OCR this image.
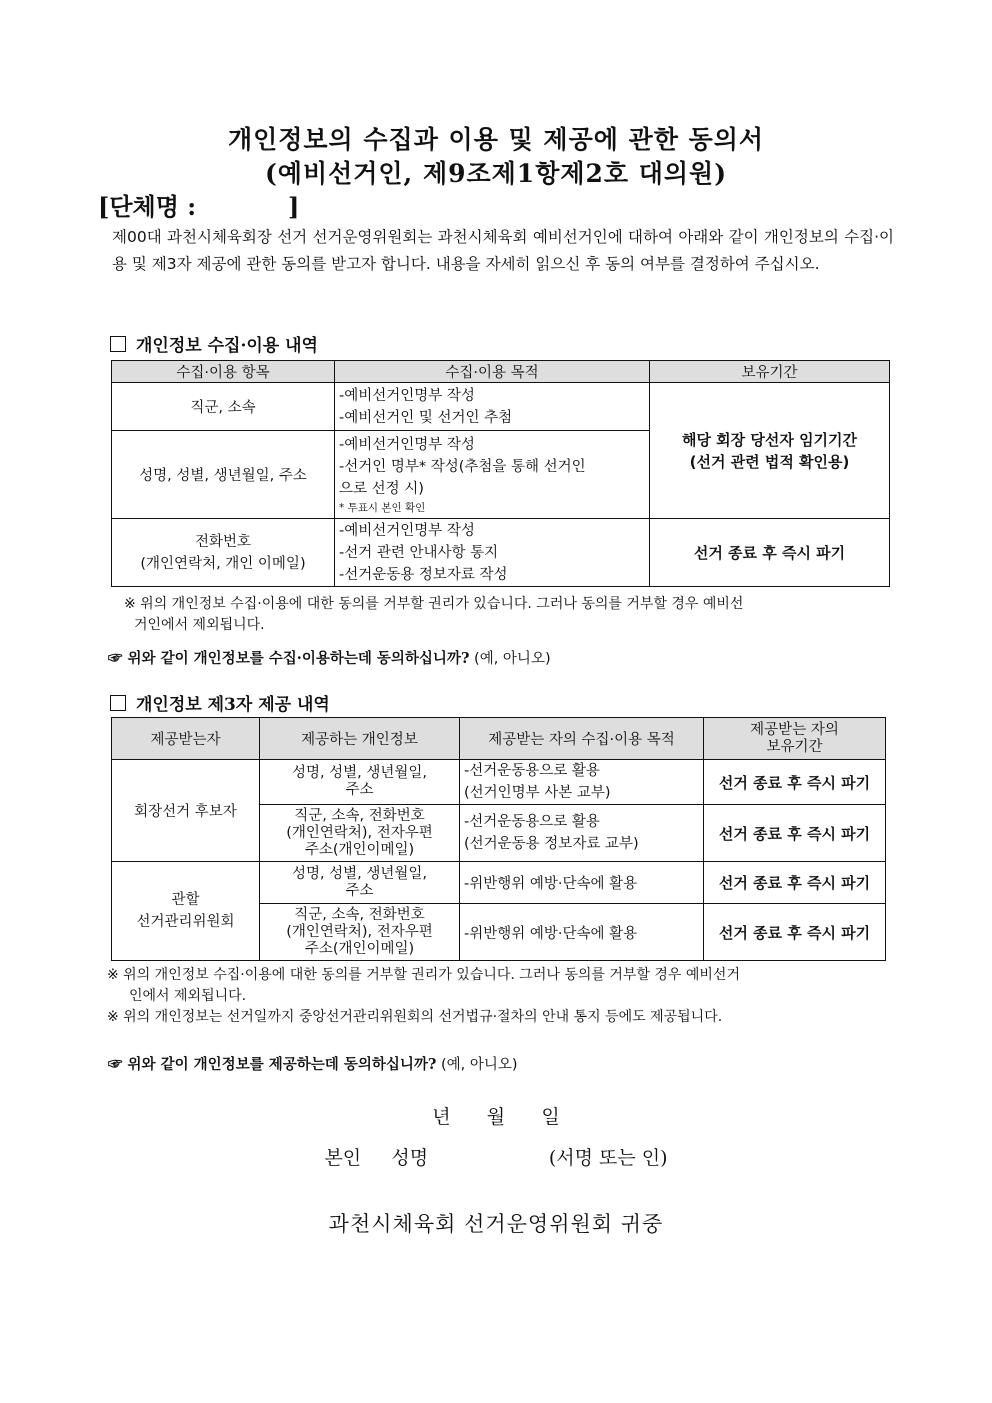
개인정보의 수집과 이용 및 제공에 관한 동의서
(예비선거인, 제9조제1항제2호 대의원)
[단체명 :           ]
제00대 과천시체육회장 선거 선거운영위원회는 과천시체육회 예비선거인에 대하여 아래와 같이 개인정보의 수집·이용 및 제3자 제공에 관한 동의를 받고자 합니다. 내용을 자세히 읽으신 후 동의 여부를 결정하여 주십시오.
개인정보 수집·이용 내역
수집·이용 항목	수집·이용 목적	보유기간
직군, 소속	-예비선거인명부 작성
-예비선거인 및 선거인 추첨	해당 회장 당선자 임기기간
(선거 관련 법적 확인용)

성명, 성별, 생년월일, 주소	-예비선거인명부 작성
-선거인 명부* 작성(추첨을 통해 선거인
으로 선정 시)
* 투표시 본인 확인	

전화번호
(개인연락처, 개인 이메일)	-예비선거인명부 작성
-선거 관련 안내사항 통지
-선거운동용 정보자료 작성	선거 종료 후 즉시 파기
※ 위의 개인정보 수집·이용에 대한 동의를 거부할 권리가 있습니다. 그러나 동의를 거부할 경우 예비선
거인에서 제외됩니다.
☞ 위와 같이 개인정보를 수집·이용하는데 동의하십니까? (예, 아니오)
개인정보 제3자 제공 내역
제공받는자	제공하는 개인정보	제공받는 자의 수집·이용 목적	제공받는 자의
보유기간

회장선거 후보자	성명, 성별, 생년월일,
주소	-선거운동용으로 활용
(선거인명부 사본 교부)	선거 종료 후 즉시 파기

	직군, 소속, 전화번호
(개인연락처), 전자우편
주소(개인이메일)	-선거운동용으로 활용
(선거운동용 정보자료 교부)	선거 종료 후 즉시 파기

관할
선거관리위원회	성명, 성별, 생년월일,
주소	-위반행위 예방·단속에 활용	선거 종료 후 즉시 파기

	직군, 소속, 전화번호
(개인연락처), 전자우편
주소(개인이메일)	-위반행위 예방·단속에 활용	선거 종료 후 즉시 파기
※ 위의 개인정보 수집·이용에 대한 동의를 거부할 권리가 있습니다. 그러나 동의를 거부할 경우 예비선거
인에서 제외됩니다.
※ 위의 개인정보는 선거일까지 중앙선거관리위원회의 선거법규·절차의 안내 통지 등에도 제공됩니다.
☞ 위와 같이 개인정보를 제공하는데 동의하십니까? (예, 아니오)
년      월      일
본인     성명                    (서명 또는 인)
과천시체육회 선거운영위원회 귀중
